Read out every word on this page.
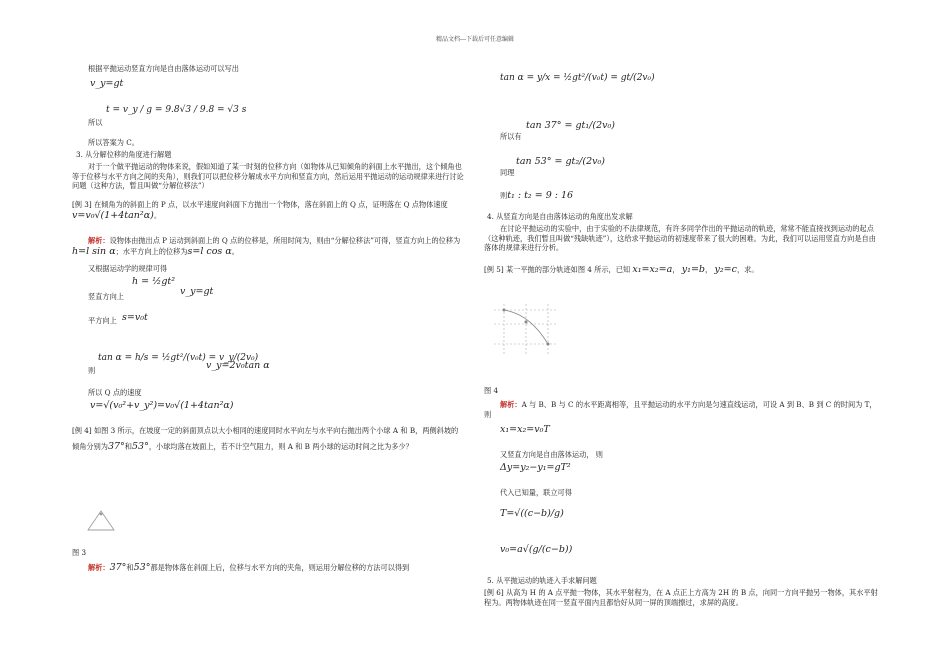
精品文档---下载后可任意编辑
根据平抛运动竖直方向是自由落体运动可以写出
v_y=gt
所以
t = v_y / g = 9.8√3 / 9.8 = √3 s
所以答案为 C。
3. 从分解位移的角度进行解题
对于一个做平抛运动的物体来说，假如知道了某一时刻的位移方向（如物体从已知倾角的斜面上水平抛出，这个倾角也等于位移与水平方向之间的夹角），则我们可以把位移分解成水平方向和竖直方向，然后运用平抛运动的运动规律来进行讨论问题（这种方法，暂且叫做“分解位移法”）
[例 3] 在倾角为的斜面上的 P 点，以水平速度向斜面下方抛出一个物体，落在斜面上的 Q 点，证明落在 Q 点物体速度 v=v₀√(1+4tan²α)。
解析：设物体由抛出点 P 运动到斜面上的 Q 点的位移是，所用时间为，则由“分解位移法”可得，竖直方向上的位移为h=l sin α；水平方向上的位移为s=l cos α。
又根据运动学的规律可得
竖直方向上
h = ½gt²
v_y=gt
平方向上 s=v₀t
则
tan α = h/s = ½gt²/(v₀t) = v_y/(2v₀)
v_y=2v₀tan α
所以 Q 点的速度
v=√(v₀²+v_y²)=v₀√(1+4tan²α)
[例 4] 如图 3 所示，在坡度一定的斜面顶点以大小相同的速度同时水平向左与水平向右抛出两个小球 A 和 B，两侧斜坡的倾角分别为37°和53°，小球均落在坡面上，若不计空气阻力，则 A 和 B 两小球的运动时间之比为多少？
图 3
解析：37°和53°都是物体落在斜面上后，位移与水平方向的夹角，则运用分解位移的方法可以得到
tan α = y/x = ½gt²/(v₀t) = gt/(2v₀)
所以有
tan 37° = gt₁/(2v₀)
同理
tan 53° = gt₂/(2v₀)
则t₁ : t₂ = 9 : 16
4. 从竖直方向是自由落体运动的角度出发求解
在讨论平抛运动的实验中，由于实验的不法律规范，有许多同学作出的平抛运动的轨迹，常常不能直接找到运动的起点（这种轨迹，我们暂且叫做“残缺轨迹”），这给求平抛运动的初速度带来了很大的困难。为此，我们可以运用竖直方向是自由落体的规律来进行分析。
[例 5] 某一平抛的部分轨迹如图 4 所示，已知 x₁=x₂=a， y₁=b， y₂=c，求。
图 4
解析：A 与 B、B 与 C 的水平距离相等，且平抛运动的水平方向是匀速直线运动，可设 A 到 B、B 到 C 的时间为 T，则
x₁=x₂=v₀T
又竖直方向是自由落体运动， 则
Δy=y₂−y₁=gT²
代入已知量，联立可得
T=√((c−b)/g)
v₀=a√(g/(c−b))
5. 从平抛运动的轨迹入手求解问题
[例 6] 从高为 H 的 A 点平抛一物体，其水平射程为，在 A 点正上方高为 2H 的 B 点，向同一方向平抛另一物体，其水平射程为。两物体轨迹在同一竖直平面内且都恰好从同一屏的顶端擦过，求屏的高度。
